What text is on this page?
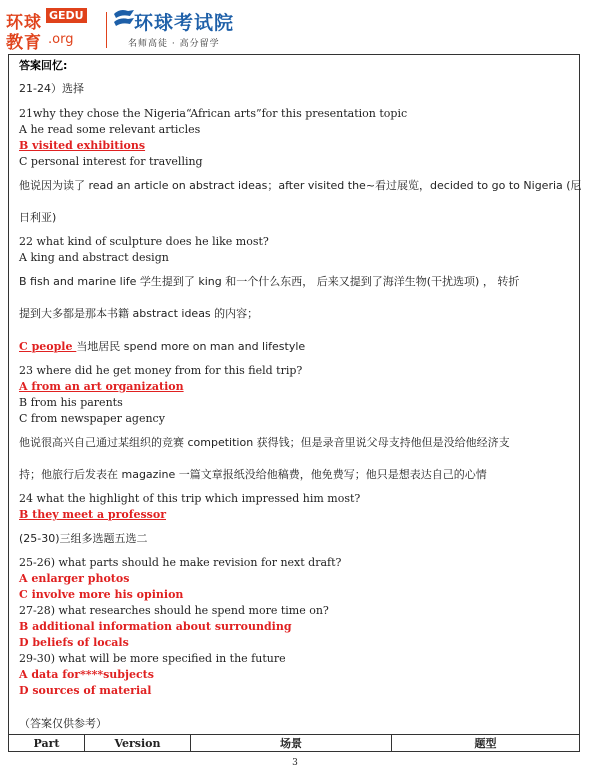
环球 GEDU
教育 .org
环球考试院
名师高徒 · 高分留学
答案回忆:
21-24）选择
21why they chose the Nigeria“African arts”for this presentation topic
A he read some relevant articles
B visited exhibitions
C personal interest for travelling
他说因为读了 read an article on abstract ideas；after visited the~看过展览，decided to go to Nigeria (尼
日利亚)
22 what kind of sculpture does he like most?
A king and abstract design
B fish and marine life 学生提到了 king 和一个什么东西， 后来又提到了海洋生物(干扰选项) ， 转折
提到大多都是那本书籍 abstract ideas 的内容；
C people 当地居民 spend more on man and lifestyle
23 where did he get money from for this field trip?
A from an art organization
B from his parents
C from newspaper agency
他说很高兴自己通过某组织的竞赛 competition 获得钱；但是录音里说父母支持他但是没给他经济支
持；他旅行后发表在 magazine 一篇文章报纸没给他稿费，他免费写；他只是想表达自己的心情
24 what the highlight of this trip which impressed him most?
B they meet a professor
(25-30)三组多选题五选二
25-26) what parts should he make revision for next draft?
A enlarger photos
C involve more his opinion
27-28) what researches should he spend more time on?
B additional information about surrounding
D beliefs of locals
29-30) what will be more specified in the future
A data for****subjects
D sources of material
（答案仅供参考）
Part	Version	场景	题型
3
